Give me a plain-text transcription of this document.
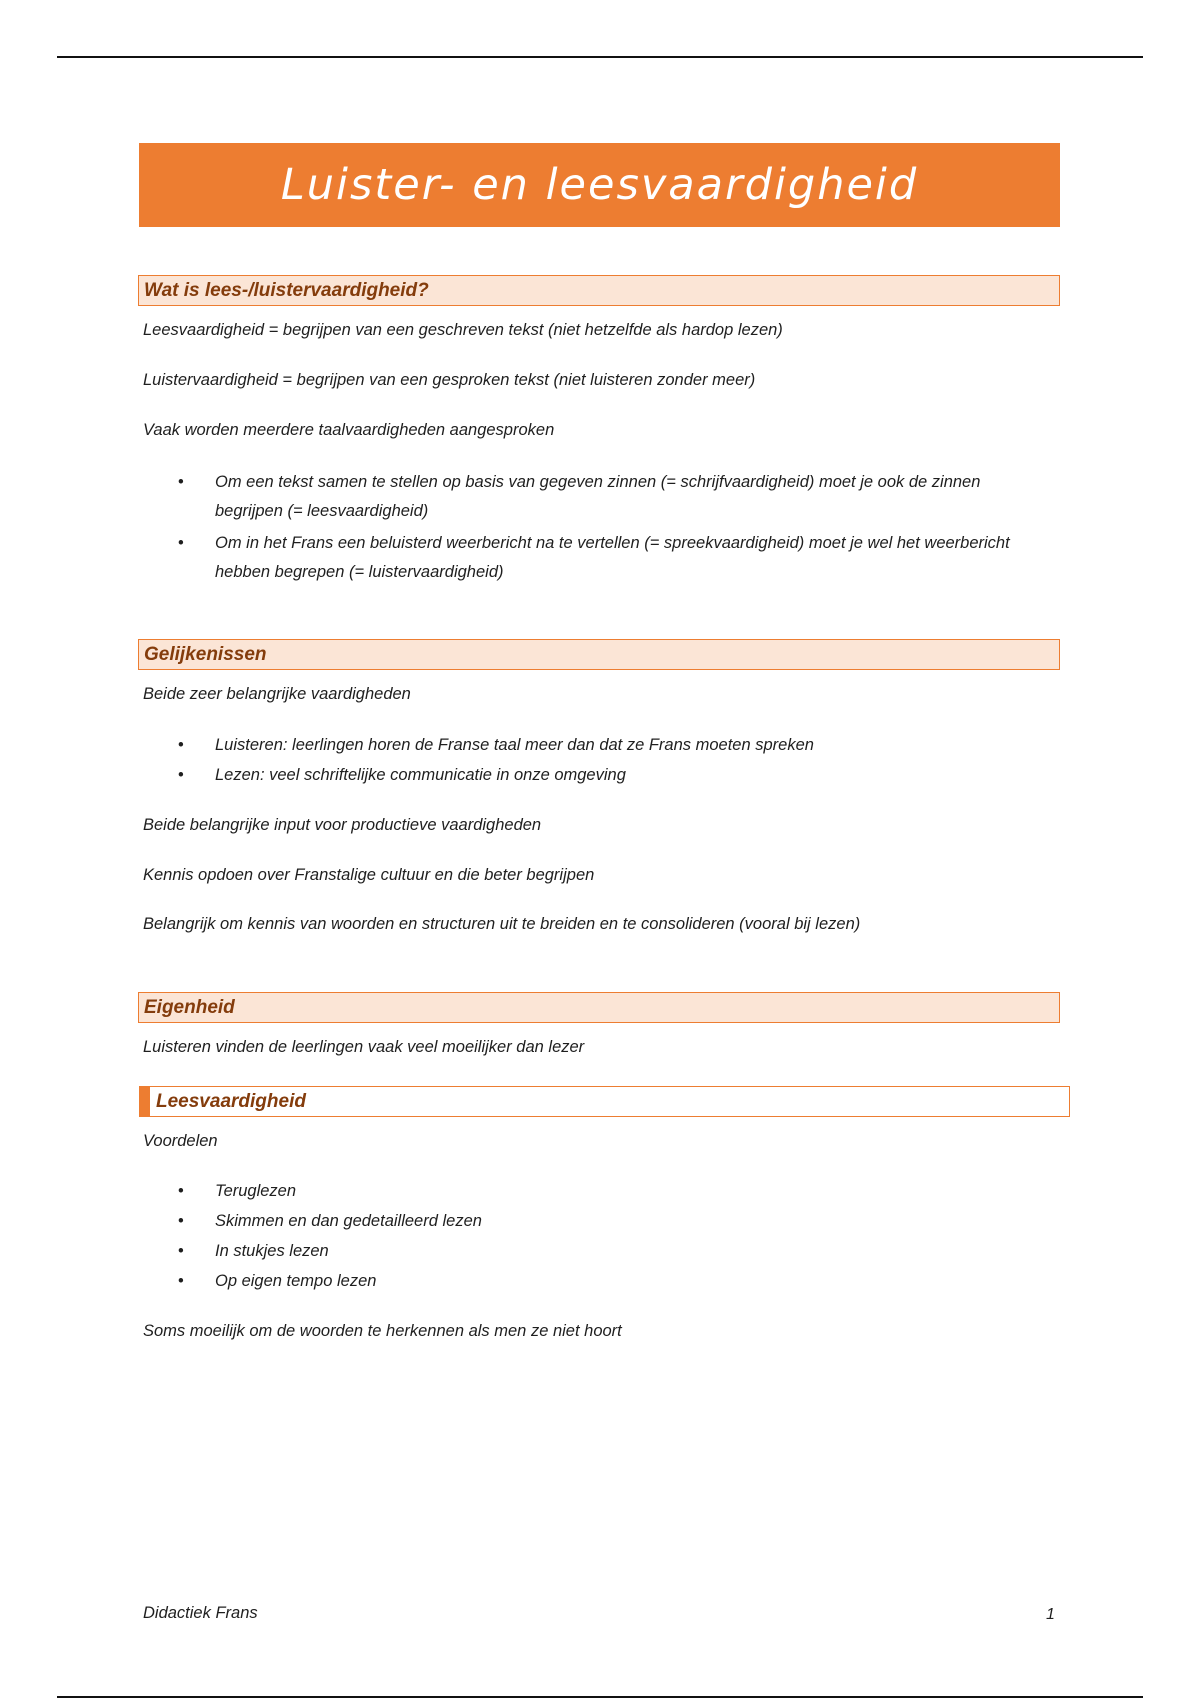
Luister- en leesvaardigheid
Wat is lees-/luistervaardigheid?
Leesvaardigheid = begrijpen van een geschreven tekst (niet hetzelfde als hardop lezen)
Luistervaardigheid = begrijpen van een gesproken tekst (niet luisteren zonder meer)
Vaak worden meerdere taalvaardigheden aangesproken
• Om een tekst samen te stellen op basis van gegeven zinnen (= schrijfvaardigheid) moet je ook de zinnen begrijpen (= leesvaardigheid)
• Om in het Frans een beluisterd weerbericht na te vertellen (= spreekvaardigheid) moet je wel het weerbericht hebben begrepen (= luistervaardigheid)
Gelijkenissen
Beide zeer belangrijke vaardigheden
• Luisteren: leerlingen horen de Franse taal meer dan dat ze Frans moeten spreken
• Lezen: veel schriftelijke communicatie in onze omgeving
Beide belangrijke input voor productieve vaardigheden
Kennis opdoen over Franstalige cultuur en die beter begrijpen
Belangrijk om kennis van woorden en structuren uit te breiden en te consolideren (vooral bij lezen)
Eigenheid
Luisteren vinden de leerlingen vaak veel moeilijker dan lezer
Leesvaardigheid
Voordelen
• Teruglezen
• Skimmen en dan gedetailleerd lezen
• In stukjes lezen
• Op eigen tempo lezen
Soms moeilijk om de woorden te herkennen als men ze niet hoort
Didactiek Frans	1
